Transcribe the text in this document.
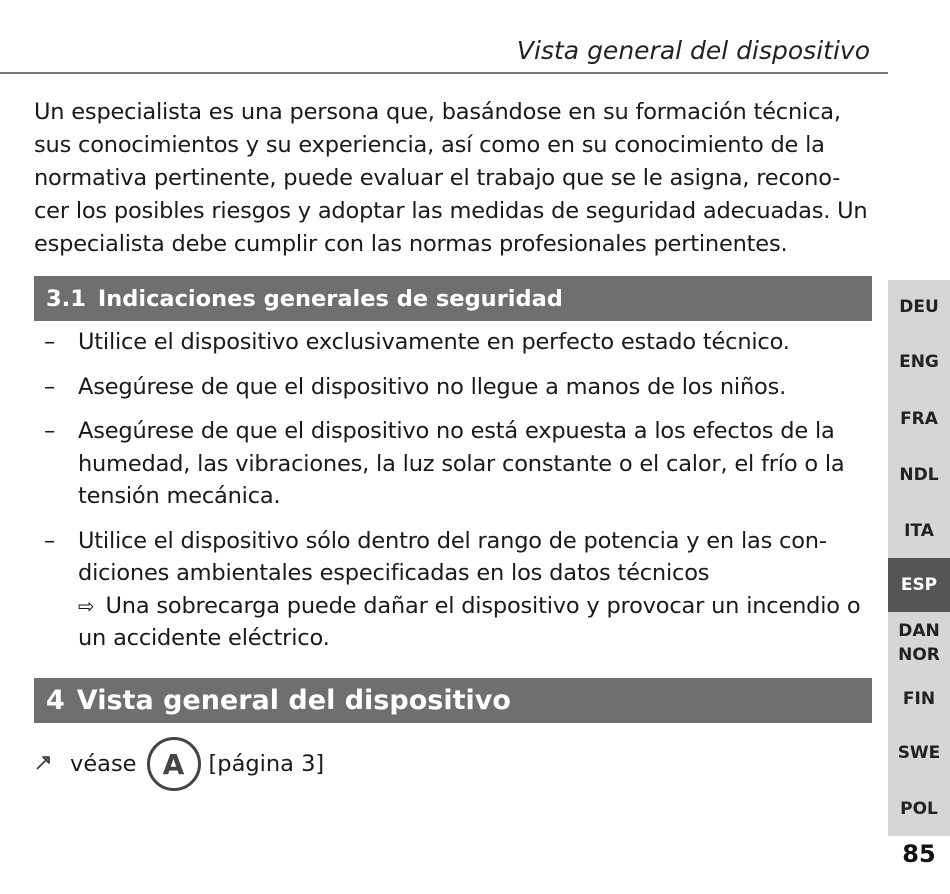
Vista general del dispositivo

Un especialista es una persona que, basándose en su formación técnica, sus conocimientos y su experiencia, así como en su conocimiento de la normativa pertinente, puede evaluar el trabajo que se le asigna, recono-cer los posibles riesgos y adoptar las medidas de seguridad adecuadas. Un especialista debe cumplir con las normas profesionales pertinentes.

3.1 Indicaciones generales de seguridad
– Utilice el dispositivo exclusivamente en perfecto estado técnico.
– Asegúrese de que el dispositivo no llegue a manos de los niños.
– Asegúrese de que el dispositivo no está expuesta a los efectos de la humedad, las vibraciones, la luz solar constante o el calor, el frío o la tensión mecánica.
– Utilice el dispositivo sólo dentro del rango de potencia y en las con-diciones ambientales especificadas en los datos técnicos
⇨ Una sobrecarga puede dañar el dispositivo y provocar un incendio o un accidente eléctrico.
4 Vista general del dispositivo
véase A	[página 3]
DEU
ENG
FRA
NDL
ITA
ESP
DAN
NOR
FIN
SWE
POL
85
